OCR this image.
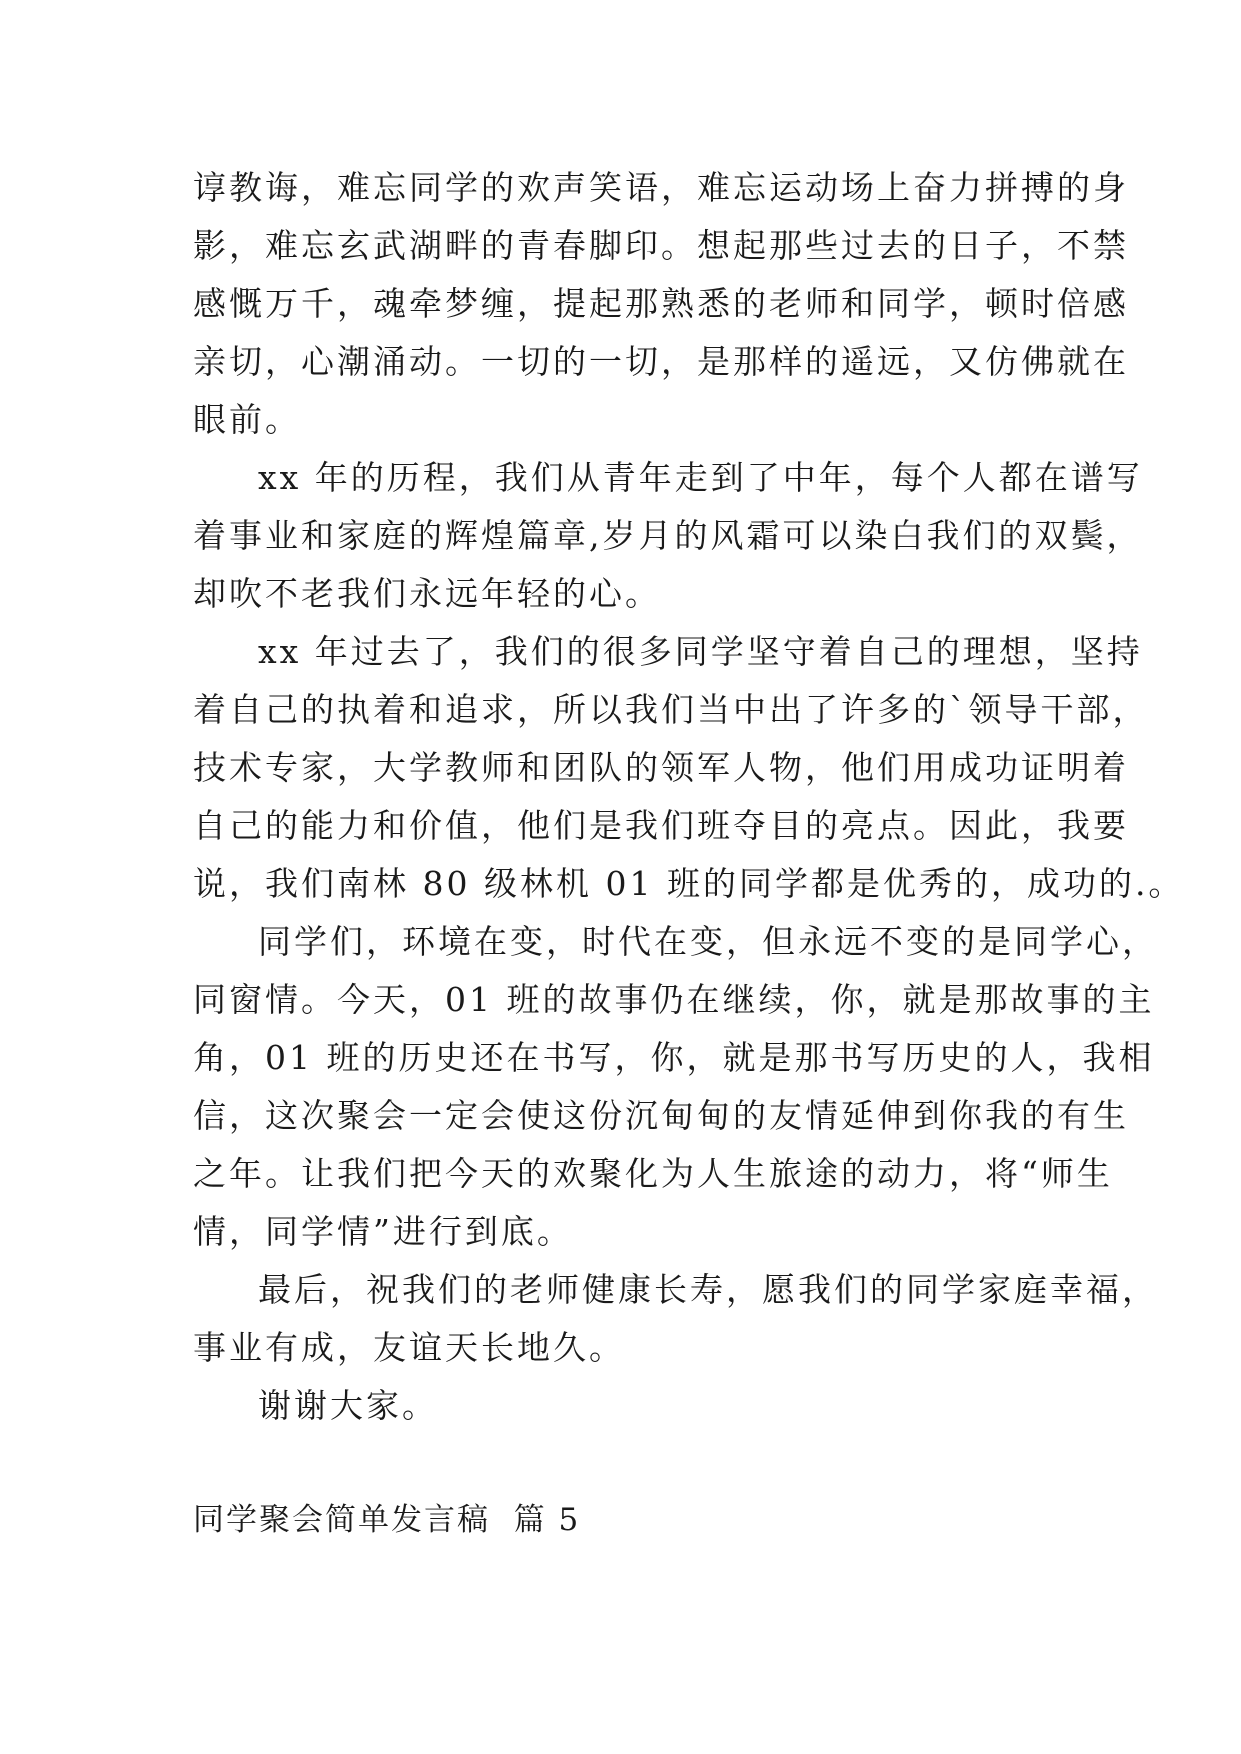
谆教诲，难忘同学的欢声笑语，难忘运动场上奋力拼搏的身
影，难忘玄武湖畔的青春脚印。想起那些过去的日子，不禁
感慨万千，魂牵梦缠，提起那熟悉的老师和同学，顿时倍感
亲切，心潮涌动。一切的一切，是那样的遥远，又仿佛就在
眼前。
xx 年的历程，我们从青年走到了中年，每个人都在谱写
着事业和家庭的辉煌篇章,岁月的风霜可以染白我们的双鬓，
却吹不老我们永远年轻的心。
xx 年过去了，我们的很多同学坚守着自己的理想，坚持
着自己的执着和追求，所以我们当中出了许多的`领导干部，
技术专家，大学教师和团队的领军人物，他们用成功证明着
自己的能力和价值，他们是我们班夺目的亮点。因此，我要
说，我们南林 80 级林机 01 班的同学都是优秀的，成功的.。
同学们，环境在变，时代在变，但永远不变的是同学心，
同窗情。今天，01 班的故事仍在继续，你，就是那故事的主
角，01 班的历史还在书写，你，就是那书写历史的人，我相
信，这次聚会一定会使这份沉甸甸的友情延伸到你我的有生
之年。让我们把今天的欢聚化为人生旅途的动力，将“师生
情，同学情”进行到底。
最后，祝我们的老师健康长寿，愿我们的同学家庭幸福，
事业有成，友谊天长地久。
谢谢大家。
同学聚会简单发言稿  篇 5
